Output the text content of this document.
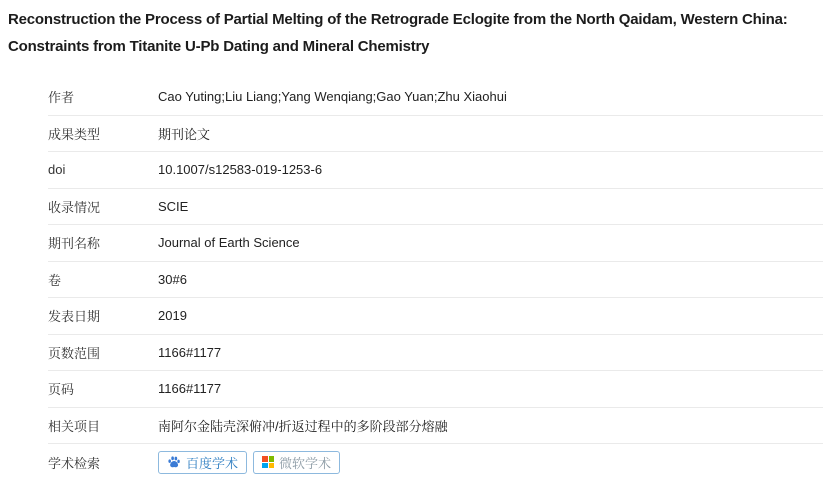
Reconstruction the Process of Partial Melting of the Retrograde Eclogite from the North Qaidam, Western China: Constraints from Titanite U-Pb Dating and Mineral Chemistry
作者	Cao Yuting;Liu Liang;Yang Wenqiang;Gao Yuan;Zhu Xiaohui
成果类型	期刊论文
doi	10.1007/s12583-019-1253-6
收录情况	SCIE
期刊名称	Journal of Earth Science
卷	30#6
发表日期	2019
页数范围	1166#1177
页码	1166#1177
相关项目	南阿尔金陆壳深俯冲/折返过程中的多阶段部分熔融
学术检索	百度学术	微软学术
